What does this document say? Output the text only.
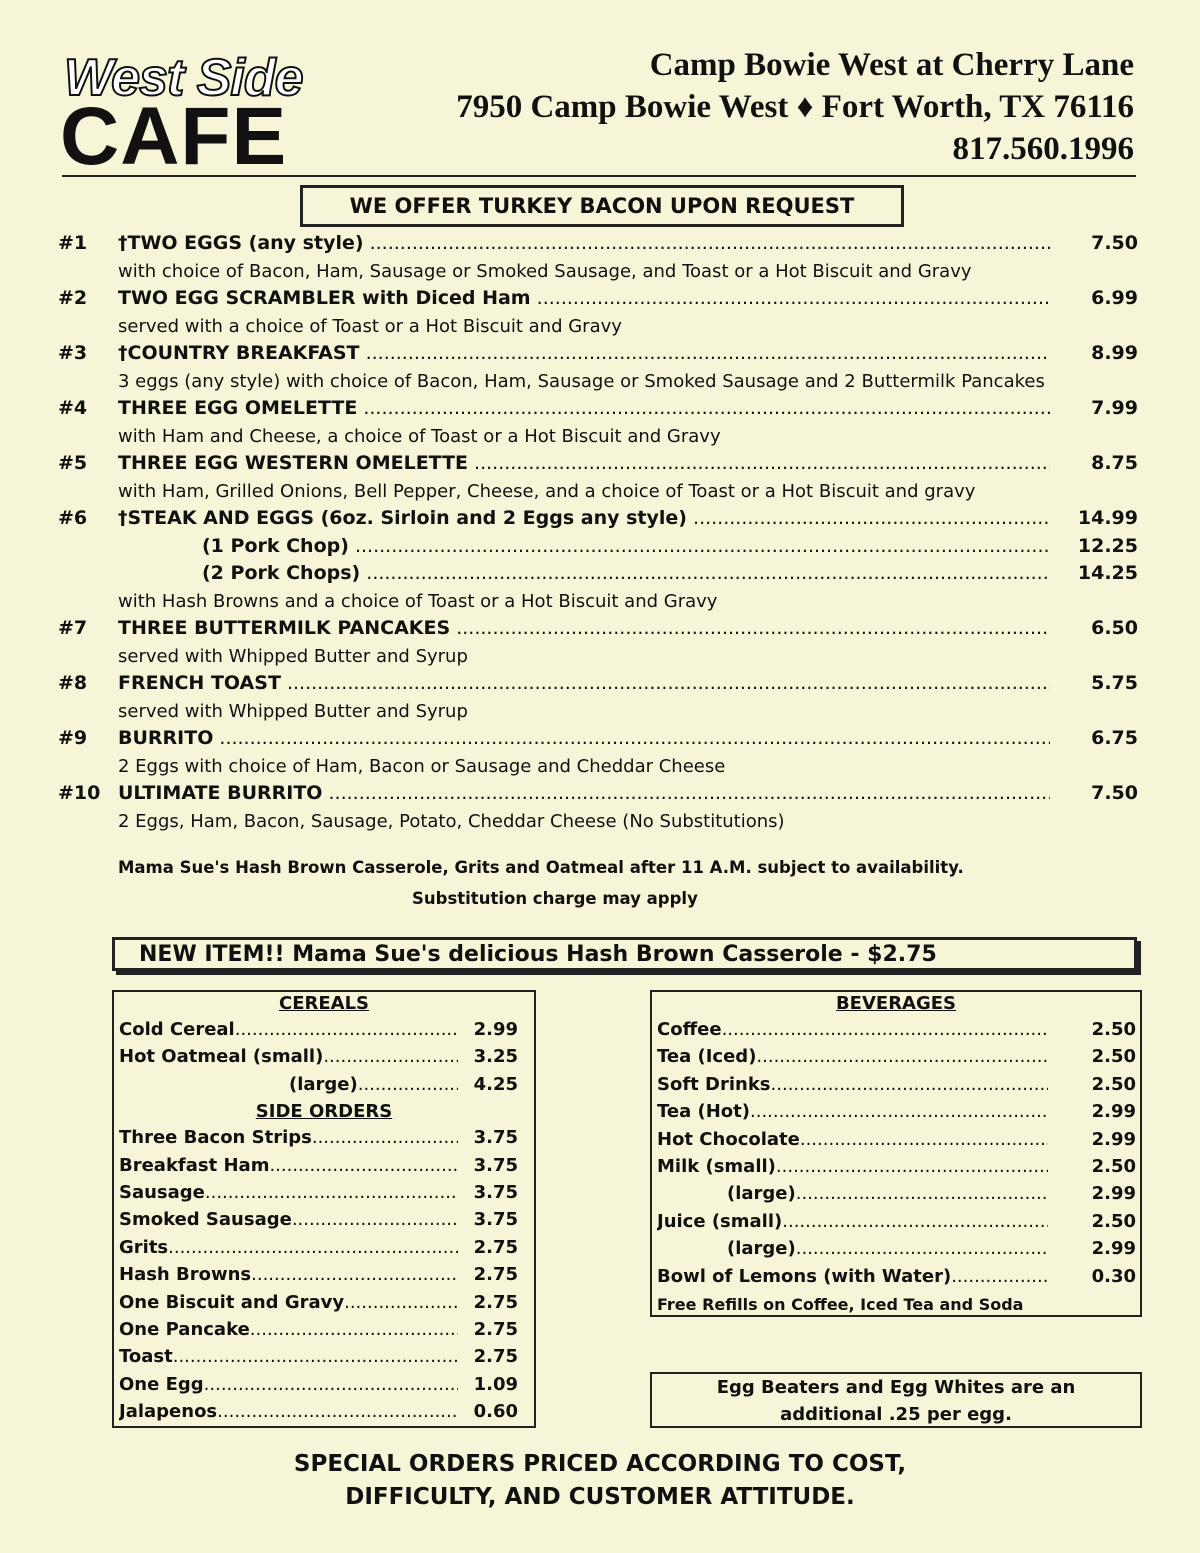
West Side
CAFE
Camp Bowie West at Cherry Lane
7950 Camp Bowie West ♦ Fort Worth, TX 76116
817.560.1996
WE OFFER TURKEY BACON UPON REQUEST
#1 †TWO EGGS (any style) .....	7.50
with choice of Bacon, Ham, Sausage or Smoked Sausage, and Toast or a Hot Biscuit and Gravy
#2 TWO EGG SCRAMBLER with Diced Ham .....	6.99
served with a choice of Toast or a Hot Biscuit and Gravy
#3 †COUNTRY BREAKFAST .....	8.99
3 eggs (any style) with choice of Bacon, Ham, Sausage or Smoked Sausage and 2 Buttermilk Pancakes
#4 THREE EGG OMELETTE .....	7.99
with Ham and Cheese, a choice of Toast or a Hot Biscuit and Gravy
#5 THREE EGG WESTERN OMELETTE .....	8.75
with Ham, Grilled Onions, Bell Pepper, Cheese, and a choice of Toast or a Hot Biscuit and gravy
#6 †STEAK AND EGGS (6oz. Sirloin and 2 Eggs any style) .....	14.99
(1 Pork Chop) .....	12.25
(2 Pork Chops) .....	14.25
with Hash Browns and a choice of Toast or a Hot Biscuit and Gravy
#7 THREE BUTTERMILK PANCAKES .....	6.50
served with Whipped Butter and Syrup
#8 FRENCH TOAST .....	5.75
served with Whipped Butter and Syrup
#9 BURRITO .....	6.75
2 Eggs with choice of Ham, Bacon or Sausage and Cheddar Cheese
#10 ULTIMATE BURRITO .....	7.50
2 Eggs, Ham, Bacon, Sausage, Potato, Cheddar Cheese (No Substitutions)
Mama Sue's Hash Brown Casserole, Grits and Oatmeal after 11 A.M. subject to availability.
Substitution charge may apply
NEW ITEM!! Mama Sue's delicious Hash Brown Casserole - $2.75
CEREALS
Cold Cereal .....	2.99
Hot Oatmeal (small) .....	3.25
(large) .....	4.25
SIDE ORDERS
Three Bacon Strips .....	3.75
Breakfast Ham .....	3.75
Sausage .....	3.75
Smoked Sausage .....	3.75
Grits .....	2.75
Hash Browns .....	2.75
One Biscuit and Gravy .....	2.75
One Pancake .....	2.75
Toast .....	2.75
One Egg .....	1.09
Jalapenos .....	0.60
BEVERAGES
Coffee .....	2.50
Tea (Iced) .....	2.50
Soft Drinks .....	2.50
Tea (Hot) .....	2.99
Hot Chocolate .....	2.99
Milk (small) .....	2.50
(large) .....	2.99
Juice (small) .....	2.50
(large) .....	2.99
Bowl of Lemons (with Water) .....	0.30
Free Refills on Coffee, Iced Tea and Soda
Egg Beaters and Egg Whites are an
additional .25 per egg.
SPECIAL ORDERS PRICED ACCORDING TO COST,
DIFFICULTY, AND CUSTOMER ATTITUDE.
